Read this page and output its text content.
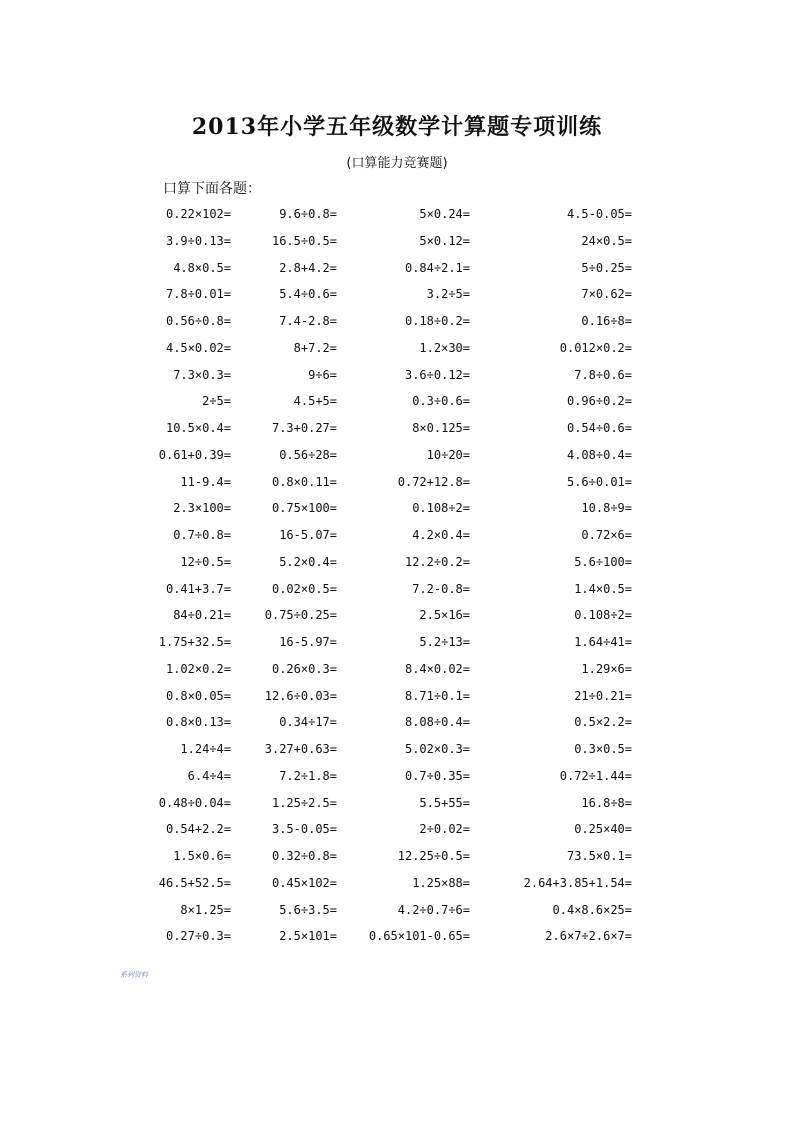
2013年小学五年级数学计算题专项训练
(口算能力竞赛题)
口算下面各题：
0.22×102=	9.6÷0.8=	5×0.24=	4.5-0.05=
3.9÷0.13=	16.5÷0.5=	5×0.12=	24×0.5=
4.8×0.5=	2.8+4.2=	0.84÷2.1=	5÷0.25=
7.8÷0.01=	5.4÷0.6=	3.2÷5=	7×0.62=
0.56÷0.8=	7.4-2.8=	0.18÷0.2=	0.16÷8=
4.5×0.02=	8+7.2=	1.2×30=	0.012×0.2=
7.3×0.3=	9÷6=	3.6÷0.12=	7.8÷0.6=
2÷5=	4.5+5=	0.3÷0.6=	0.96÷0.2=
10.5×0.4=	7.3+0.27=	8×0.125=	0.54÷0.6=
0.61+0.39=	0.56÷28=	10÷20=	4.08÷0.4=
11-9.4=	0.8×0.11=	0.72+12.8=	5.6÷0.01=
2.3×100=	0.75×100=	0.108÷2=	10.8÷9=
0.7÷0.8=	16-5.07=	4.2×0.4=	0.72×6=
12÷0.5=	5.2×0.4=	12.2÷0.2=	5.6÷100=
0.41+3.7=	0.02×0.5=	7.2-0.8=	1.4×0.5=
84÷0.21=	0.75÷0.25=	2.5×16=	0.108÷2=
1.75+32.5=	16-5.97=	5.2÷13=	1.64÷41=
1.02×0.2=	0.26×0.3=	8.4×0.02=	1.29×6=
0.8×0.05=	12.6÷0.03=	8.71÷0.1=	21÷0.21=
0.8×0.13=	0.34÷17=	8.08÷0.4=	0.5×2.2=
1.24÷4=	3.27+0.63=	5.02×0.3=	0.3×0.5=
6.4÷4=	7.2÷1.8=	0.7÷0.35=	0.72÷1.44=
0.48÷0.04=	1.25÷2.5=	5.5+55=	16.8÷8=
0.54+2.2=	3.5-0.05=	2÷0.02=	0.25×40=
1.5×0.6=	0.32÷0.8=	12.25÷0.5=	73.5×0.1=
46.5+52.5=	0.45×102=	1.25×88=	2.64+3.85+1.54=
8×1.25=	5.6÷3.5=	4.2÷0.7÷6=	0.4×8.6×25=
0.27÷0.3=	2.5×101=	0.65×101-0.65=	2.6×7÷2.6×7=
系列资料
